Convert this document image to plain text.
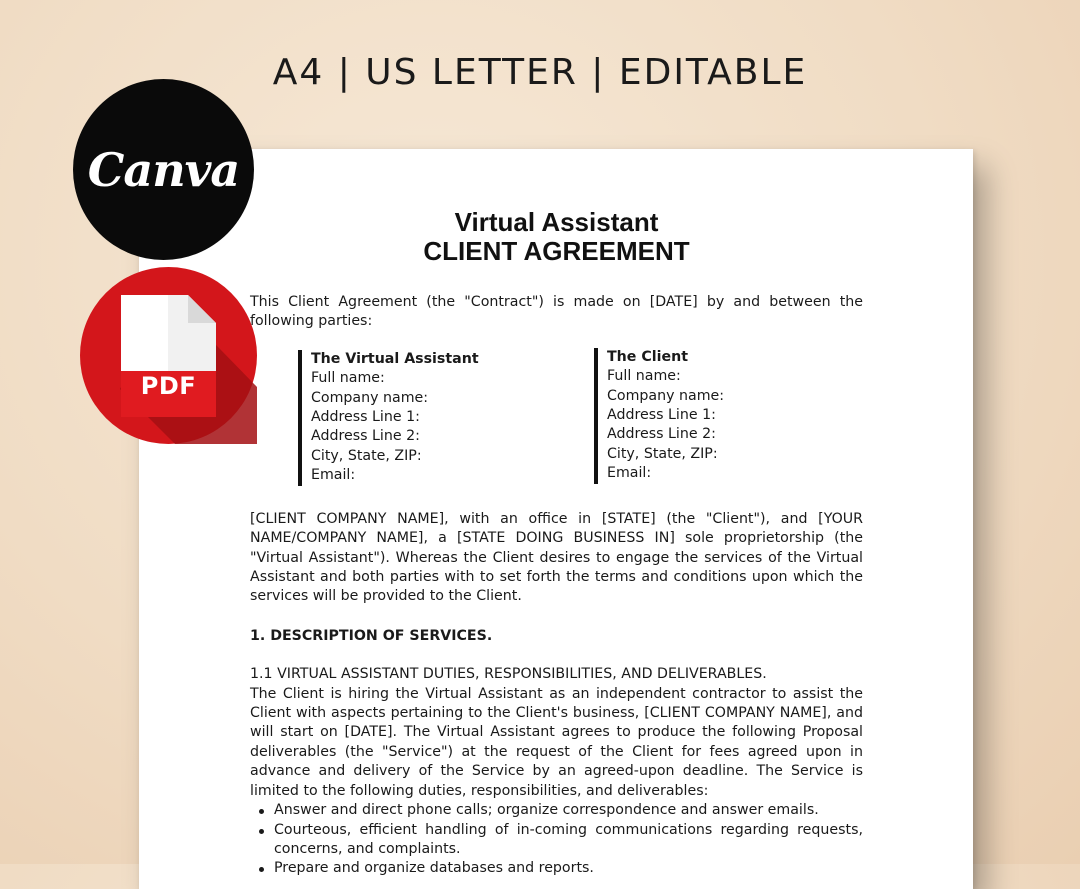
A4 | US LETTER | EDITABLE
Canva
PDF
Virtual Assistant
CLIENT AGREEMENT

This Client Agreement (the "Contract") is made on [DATE] by and between the following parties:

The Virtual Assistant
Full name:
Company name:
Address Line 1:
Address Line 2:
City, State, ZIP:
Email:
The Client
Full name:
Company name:
Address Line 1:
Address Line 2:
City, State, ZIP:
Email:

[CLIENT COMPANY NAME], with an office in [STATE] (the "Client"), and [YOUR NAME/COMPANY NAME], a [STATE DOING BUSINESS IN] sole proprietorship (the "Virtual Assistant"). Whereas the Client desires to engage the services of the Virtual Assistant and both parties with to set forth the terms and conditions upon which the services will be provided to the Client.

1. DESCRIPTION OF SERVICES.
1.1 VIRTUAL ASSISTANT DUTIES, RESPONSIBILITIES, AND DELIVERABLES.

The Client is hiring the Virtual Assistant as an independent contractor to assist the Client with aspects pertaining to the Client's business, [CLIENT COMPANY NAME], and will start on [DATE]. The Virtual Assistant agrees to produce the following Proposal deliverables (the "Service") at the request of the Client for fees agreed upon in advance and delivery of the Service by an agreed-upon deadline. The Service is limited to the following duties, responsibilities, and deliverables:

Answer and direct phone calls; organize correspondence and answer emails.
Courteous, efficient handling of in-coming communications regarding requests, concerns, and complaints.
Prepare and organize databases and reports.
